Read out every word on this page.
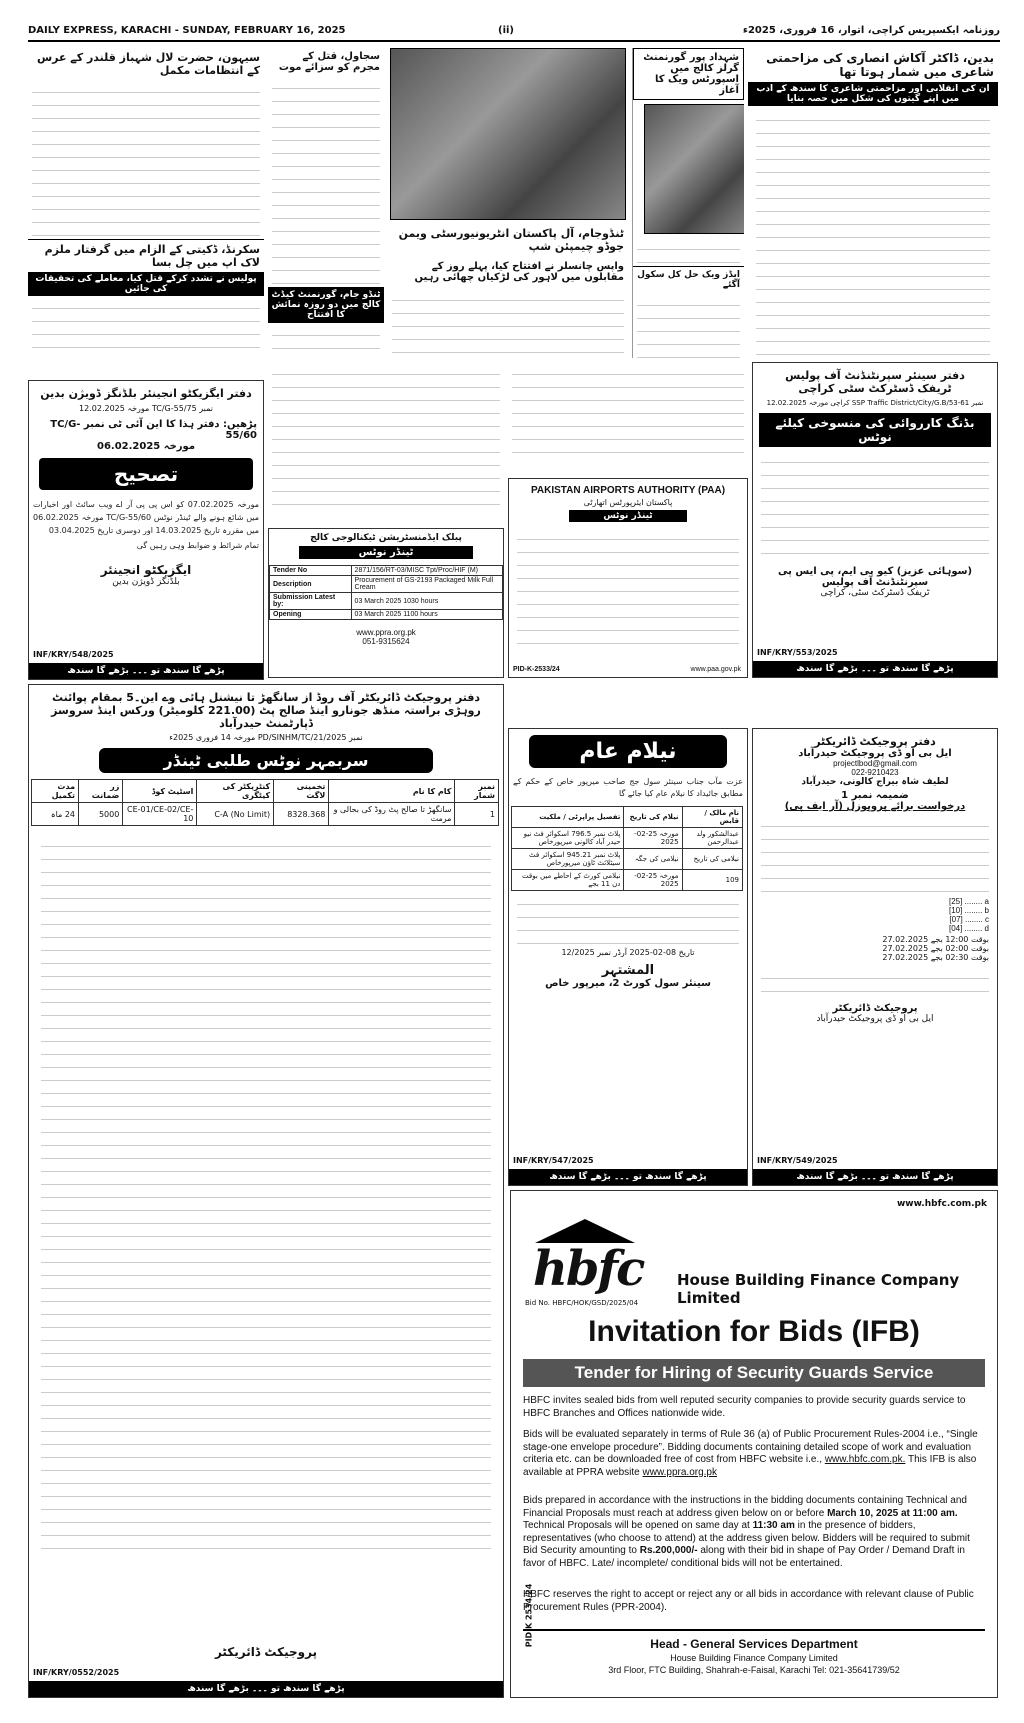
DAILY EXPRESS, KARACHI - SUNDAY, FEBRUARY 16, 2025	(ii)	روزنامہ ایکسپریس کراچی، اتوار، 16 فروری، 2025ء
بدین، ڈاکٹر آکاش انصاری کی مزاحمتی شاعری میں شمار ہوتا تھا
ان کی انقلابی اور مزاحمتی شاعری کا سندھ کے ادب میں اپنے گیتوں کی شکل میں حصہ بنایا
شہداد پور گورنمنٹ گرلز کالج میں اسپورٹس ویک کا آغاز
ایڈز ویک حل کل سکول آگئے
ٹنڈوجام، آل پاکستان انٹریونیورسٹی ویمن جوڈو چیمپئن شپ
واپس چانسلر نے افتتاح کیا، پہلے روز کے مقابلوں میں لاہور کی لڑکیاں چھائی رہیں
سجاول، قتل کے مجرم کو سزائے موت
ٹنڈو جام، گورنمنٹ کیڈٹ کالج میں دو روزہ نمائش کا افتتاح
سیہون، حضرت لال شہباز قلندر کے عرس کے انتظامات مکمل
سکرنڈ، ڈکیتی کے الزام میں گرفتار ملزم لاک اپ میں چل بسا
پولیس نے تشدد کرکے قتل کیا، معاملے کی تحقیقات کی جائیں
دفتر ایگزیکٹو انجینئر بلڈنگز ڈویژن بدین
نمبر TC/G-55/75 مورخہ 12.02.2025
پڑھیں: دفتر ہذا کا این آئی ٹی نمبر TC/G-55/60
مورخہ 06.02.2025
تصحیح
مورخہ 07.02.2025 کو اس پی پی آر اے ویب سائٹ اور اخبارات میں شائع ہونے والے ٹینڈر نوٹس TC/G-55/60 مورخہ 06.02.2025 میں مقررہ تاریخ 14.03.2025 اور دوسری تاریخ 03.04.2025
تمام شرائط و ضوابط وہی رہیں گی
ایگزیکٹو انجینئر
بلڈنگز ڈویژن بدین
INF/KRY/548/2025
پڑھے گا سندھ تو ۔۔۔ بڑھے گا سندھ
پبلک ایڈمنسٹریشن ٹیکنالوجی کالج
ٹینڈر نوٹس
Tender No	2871/156/RT-03/MISC Tpt/Proc/HIF (M)
Description	Procurement of GS-2193 Packaged Milk Full Cream
Submission Latest by:	03 March 2025 1030 hours
Opening	03 March 2025 1100 hours
www.ppra.org.pk
051-9315624
PAKISTAN AIRPORTS AUTHORITY (PAA)
پاکستان ایئرپورٹس اتھارٹی
ٹینڈر نوٹس
www.paa.gov.pk
PID-K-2533/24
دفتر سینئر سپرنٹنڈنٹ آف پولیس
ٹریفک ڈسٹرکٹ سٹی کراچی
نمبر SSP Traffic District/City/G.B/53-61 کراچی مورخہ 12.02.2025
بڈنگ کارروائی کی منسوخی کیلئے نوٹس
(سوہائی عزیز) کیو پی ایم، پی ایس پی
سپرنٹنڈنٹ آف پولیس
ٹریفک ڈسٹرکٹ سٹی، کراچی
INF/KRY/553/2025
پڑھے گا سندھ تو ۔۔۔ بڑھے گا سندھ
دفتر پروجیکٹ ڈائریکٹر آف روڈ از سانگھڑ تا نیشنل ہائی وے این۔5 بمقام پوائنٹ
روہڑی براستہ منڈھ جونارو اینڈ صالح پٹ (221.00 کلومیٹر) ورکس اینڈ سروسز ڈپارٹمنٹ حیدرآباد
نمبر PD/SINHM/TC/21/2025 مورخہ 14 فروری 2025ء
سربمہر نوٹس طلبی ٹینڈر
نمبر شمار	کام کا نام	تخمینی لاگت	کنٹریکٹر کی کیٹگری	اسٹیٹ کوڈ	زر ضمانت	مدت تکمیل
1	سانگھڑ تا صالح پٹ روڈ کی بحالی و مرمت	8328.368	C-A (No Limit)	CE-01/CE-02/CE-10	5000	24 ماہ
پروجیکٹ ڈائریکٹر
INF/KRY/0552/2025
پڑھے گا سندھ تو ۔۔۔ بڑھے گا سندھ
نیلام عام
عزت مآب جناب سینئر سول جج صاحب میرپور خاص کے حکم کے مطابق جائیداد کا نیلام عام کیا جائے گا
نام مالک / قابض	نیلام کی تاریخ	تفصیل پراپرٹی / ملکیت
عبدالشکور ولد عبدالرحمن	مورخہ 25-02-2025	پلاٹ نمبر 796.5 اسکوائر فٹ نیو حیدر آباد کالونی میرپورخاص
نیلامی کی تاریخ	نیلامی کی جگہ	پلاٹ نمبر 945.21 اسکوائر فٹ سیٹلائٹ ٹاؤن میرپورخاص
109	مورخہ 25-02-2025	نیلامی کورٹ کے احاطے میں بوقت دن 11 بجے
تاریخ 08-02-2025 آرڈر نمبر 12/2025
المشتہر
سینئر سول کورٹ 2، میرپور خاص
INF/KRY/547/2025
پڑھے گا سندھ تو ۔۔۔ بڑھے گا سندھ
دفتر پروجیکٹ ڈائریکٹر
ایل بی او ڈی پروجیکٹ حیدرآباد
projectlbod@gmail.com
022-9210423
لطیف شاہ بیراج کالونی، حیدرآباد
ضمیمہ نمبر 1
درخواست برائے پروپوزل (آر ایف پی)
[25] ........ a
[10] ........ b
[07] ........ c
[04] ........ d
بوقت 12:00 بجے 27.02.2025
بوقت 02:00 بجے 27.02.2025
بوقت 02:30 بجے 27.02.2025
پروجیکٹ ڈائریکٹر
ایل بی او ڈی پروجیکٹ حیدرآباد
INF/KRY/549/2025
پڑھے گا سندھ تو ۔۔۔ بڑھے گا سندھ
www.hbfc.com.pk
hbfc House Building Finance Company Limited
Bid No. HBFC/HOK/GSD/2025/04
Invitation for Bids (IFB)
Tender for Hiring of Security Guards Service
HBFC invites sealed bids from well reputed security companies to provide security guards service to HBFC Branches and Offices nationwide wide.
Bids will be evaluated separately in terms of Rule 36 (a) of Public Procurement Rules-2004 i.e., “Single stage-one envelope procedure”. Bidding documents containing detailed scope of work and evaluation criteria etc. can be downloaded free of cost from HBFC website i.e., www.hbfc.com.pk. This IFB is also available at PPRA website www.ppra.org.pk
Bids prepared in accordance with the instructions in the bidding documents containing Technical and Financial Proposals must reach at address given below on or before March 10, 2025 at 11:00 am. Technical Proposals will be opened on same day at 11:30 am in the presence of bidders, representatives (who choose to attend) at the address given below. Bidders will be required to submit Bid Security amounting to Rs.200,000/- along with their bid in shape of Pay Order / Demand Draft in favor of HBFC. Late/ incomplete/ conditional bids will not be entertained.
HBFC reserves the right to accept or reject any or all bids in accordance with relevant clause of Public Procurement Rules (PPR-2004).
Head - General Services Department
House Building Finance Company Limited
3rd Floor, FTC Building, Shahrah-e-Faisal, Karachi Tel: 021-35641739/52
PID K 2534/24
